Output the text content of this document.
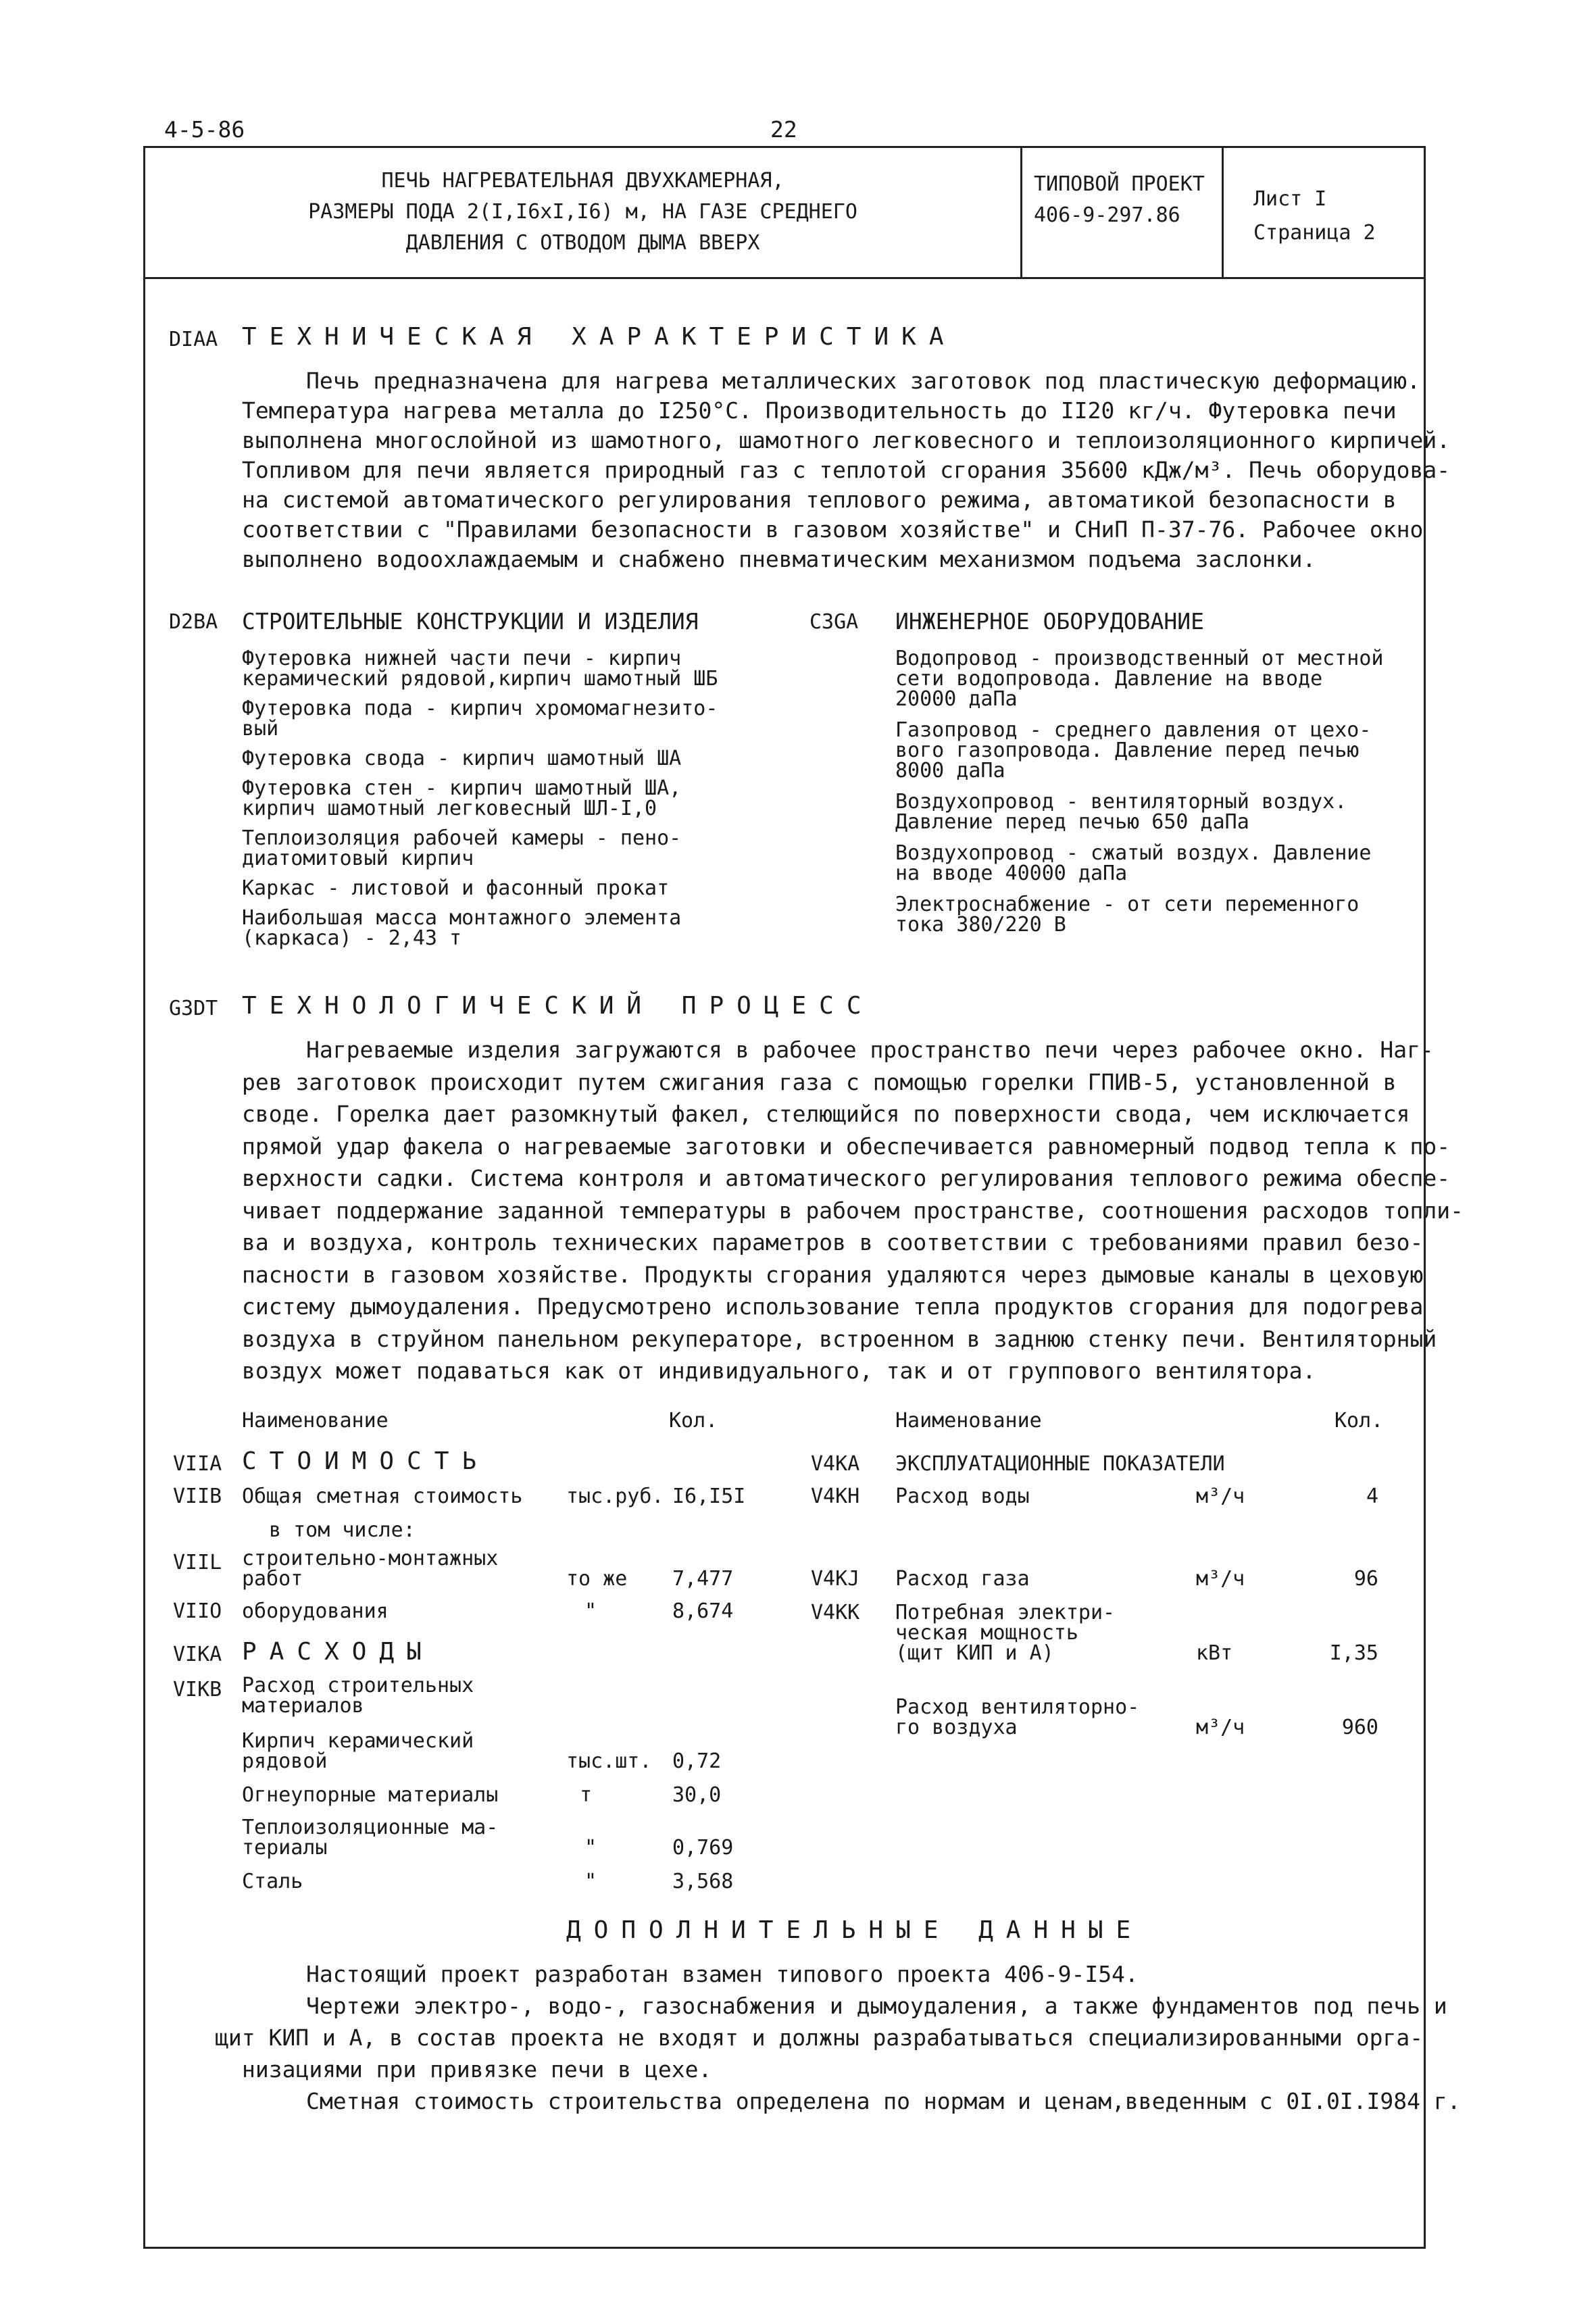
4-5-86	22
ПЕЧЬ НАГРЕВАТЕЛЬНАЯ ДВУХКАМЕРНАЯ,
РАЗМЕРЫ ПОДА 2(I,I6xI,I6) м, НА ГАЗЕ СРЕДНЕГО
ДАВЛЕНИЯ С ОТВОДОМ ДЫМА ВВЕРХ
ТИПОВОЙ ПРОЕКТ
406-9-297.86
Лист I
Страница 2
DIAA ТЕХНИЧЕСКАЯ ХАРАКТЕРИСТИКА
Печь предназначена для нагрева металлических заготовок под пластическую деформацию.
Температура нагрева металла до I250°С. Производительность до II20 кг/ч. Футеровка печи
выполнена многослойной из шамотного, шамотного легковесного и теплоизоляционного кирпичей.
Топливом для печи является природный газ с теплотой сгорания 35600 кДж/м³. Печь оборудова-
на системой автоматического регулирования теплового режима, автоматикой безопасности в
соответствии с "Правилами безопасности в газовом хозяйстве" и СНиП П-37-76. Рабочее окно
выполнено водоохлаждаемым и снабжено пневматическим механизмом подъема заслонки.
D2BA СТРОИТЕЛЬНЫЕ КОНСТРУКЦИИ И ИЗДЕЛИЯ
Футеровка нижней части печи - кирпич
керамический рядовой,кирпич шамотный ШБ
Футеровка пода - кирпич хромомагнезито-
вый
Футеровка свода - кирпич шамотный ША
Футеровка стен - кирпич шамотный ША,
кирпич шамотный легковесный ШЛ-I,0
Теплоизоляция рабочей камеры - пено-
диатомитовый кирпич
Каркас - листовой и фасонный прокат
Наибольшая масса монтажного элемента
(каркаса) - 2,43 т
C3GA ИНЖЕНЕРНОЕ ОБОРУДОВАНИЕ
Водопровод - производственный от местной
сети водопровода. Давление на вводе
20000 даПа
Газопровод - среднего давления от цехо-
вого газопровода. Давление перед печью
8000 даПа
Воздухопровод - вентиляторный воздух.
Давление перед печью 650 даПа
Воздухопровод - сжатый воздух. Давление
на вводе 40000 даПа
Электроснабжение - от сети переменного
тока 380/220 В
G3DT ТЕХНОЛОГИЧЕСКИЙ ПРОЦЕСС
Нагреваемые изделия загружаются в рабочее пространство печи через рабочее окно. Наг-
рев заготовок происходит путем сжигания газа с помощью горелки ГПИВ-5, установленной в
своде. Горелка дает разомкнутый факел, стелющийся по поверхности свода, чем исключается
прямой удар факела о нагреваемые заготовки и обеспечивается равномерный подвод тепла к по-
верхности садки. Система контроля и автоматического регулирования теплового режима обеспе-
чивает поддержание заданной температуры в рабочем пространстве, соотношения расходов топли-
ва и воздуха, контроль технических параметров в соответствии с требованиями правил безо-
пасности в газовом хозяйстве. Продукты сгорания удаляются через дымовые каналы в цеховую
систему дымоудаления. Предусмотрено использование тепла продуктов сгорания для подогрева
воздуха в струйном панельном рекуператоре, встроенном в заднюю стенку печи. Вентиляторный
воздух может подаваться как от индивидуального, так и от группового вентилятора.
Наименование	Кол.
VIIA СТОИМОСТЬ
VIIB Общая сметная стоимость тыс.руб. I6,I5I
в том числе:
VIIL строительно-монтажных
работ	то же 7,477
VIIO оборудования	"	8,674
VIKA РАСХОДЫ
VIKB Расход строительных
материалов
Кирпич керамический
рядовой	тыс.шт. 0,72
Огнеупорные материалы	т	30,0
Теплоизоляционные ма-
териалы	"	0,769
Сталь	"	3,568
Наименование	Кол.
V4KA ЭКСПЛУАТАЦИОННЫЕ ПОКАЗАТЕЛИ
V4KH Расход воды	м³/ч	4
V4KJ Расход газа	м³/ч	96
V4KK Потребная электри-
ческая мощность
(щит КИП и А)	кВт	I,35
Расход вентиляторно-
го воздуха	м³/ч	960
ДОПОЛНИТЕЛЬНЫЕ ДАННЫЕ
Настоящий проект разработан взамен типового проекта 406-9-I54.
Чертежи электро-, водо-, газоснабжения и дымоудаления, а также фундаментов под печь и
щит КИП и А, в состав проекта не входят и должны разрабатываться специализированными орга-
низациями при привязке печи в цехе.
Сметная стоимость строительства определена по нормам и ценам,введенным с 0I.0I.I984 г.
